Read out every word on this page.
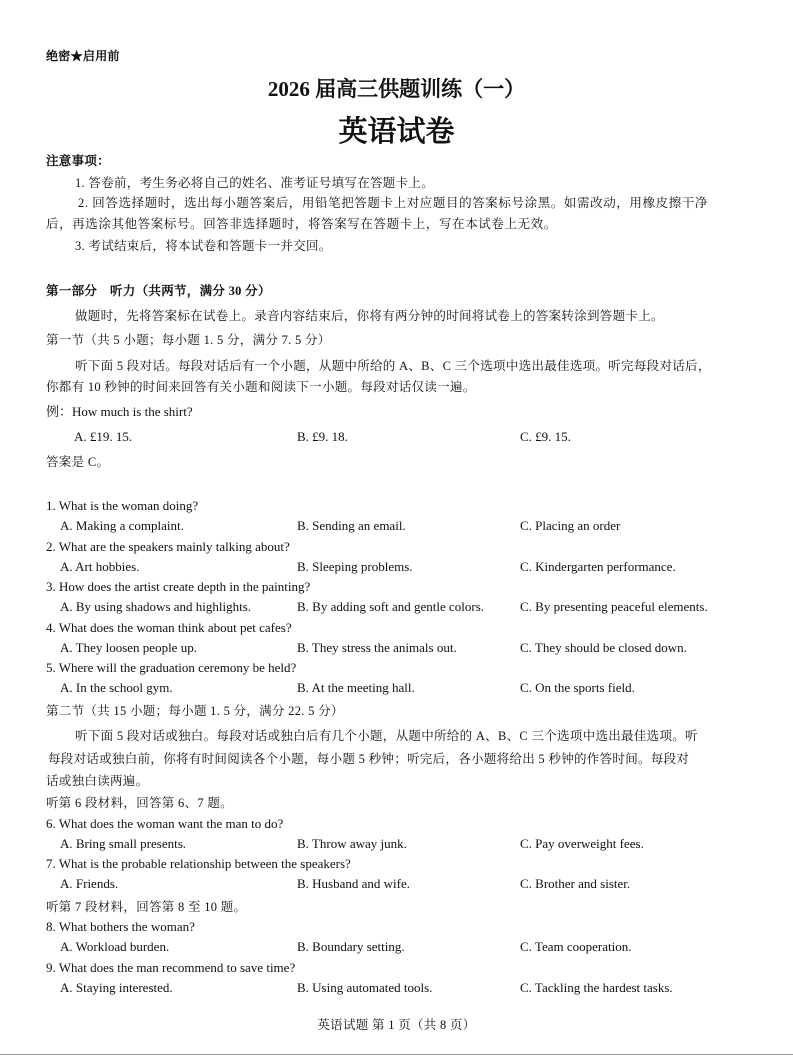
绝密★启用前
2026 届高三供题训练（一）
英语试卷
注意事项：
1. 答卷前，考生务必将自己的姓名、准考证号填写在答题卡上。
2. 回答选择题时，选出每小题答案后，用铅笔把答题卡上对应题目的答案标号涂黑。如需改动，用橡皮擦干净
后，再选涂其他答案标号。回答非选择题时，将答案写在答题卡上，写在本试卷上无效。
3. 考试结束后，将本试卷和答题卡一并交回。
第一部分　听力（共两节，满分 30 分）
做题时，先将答案标在试卷上。录音内容结束后，你将有两分钟的时间将试卷上的答案转涂到答题卡上。
第一节（共 5 小题；每小题 1. 5 分，满分 7. 5 分）
听下面 5 段对话。每段对话后有一个小题，从题中所给的 A、B、C 三个选项中选出最佳选项。听完每段对话后，
你都有 10 秒钟的时间来回答有关小题和阅读下一小题。每段对话仅读一遍。
例：How much is the shirt?
A. £19. 15.	B. £9. 18.	C. £9. 15.
答案是 C。
1. What is the woman doing?
A. Making a complaint.	B. Sending an email.	C. Placing an order
2. What are the speakers mainly talking about?
A. Art hobbies.	B. Sleeping problems.	C. Kindergarten performance.
3. How does the artist create depth in the painting?
A. By using shadows and highlights.	B. By adding soft and gentle colors.	C. By presenting peaceful elements.
4. What does the woman think about pet cafes?
A. They loosen people up.	B. They stress the animals out.	C. They should be closed down.
5. Where will the graduation ceremony be held?
A. In the school gym.	B. At the meeting hall.	C. On the sports field.
6. What does the woman want the man to do?
A. Bring small presents.	B. Throw away junk.	C. Pay overweight fees.
7. What is the probable relationship between the speakers?
A. Friends.	B. Husband and wife.	C. Brother and sister.
8. What bothers the woman?
A. Workload burden.	B. Boundary setting.	C. Team cooperation.
9. What does the man recommend to save time?
A. Staying interested.	B. Using automated tools.	C. Tackling the hardest tasks.
第二节（共 15 小题；每小题 1. 5 分，满分 22. 5 分）
听下面 5 段对话或独白。每段对话或独白后有几个小题，从题中所给的 A、B、C 三个选项中选出最佳选项。听
每段对话或独白前，你将有时间阅读各个小题，每小题 5 秒钟；听完后，各小题将给出 5 秒钟的作答时间。每段对
话或独白读两遍。
听第 6 段材料，回答第 6、7 题。
听第 7 段材料，回答第 8 至 10 题。
英语试题 第 1 页（共 8 页）
